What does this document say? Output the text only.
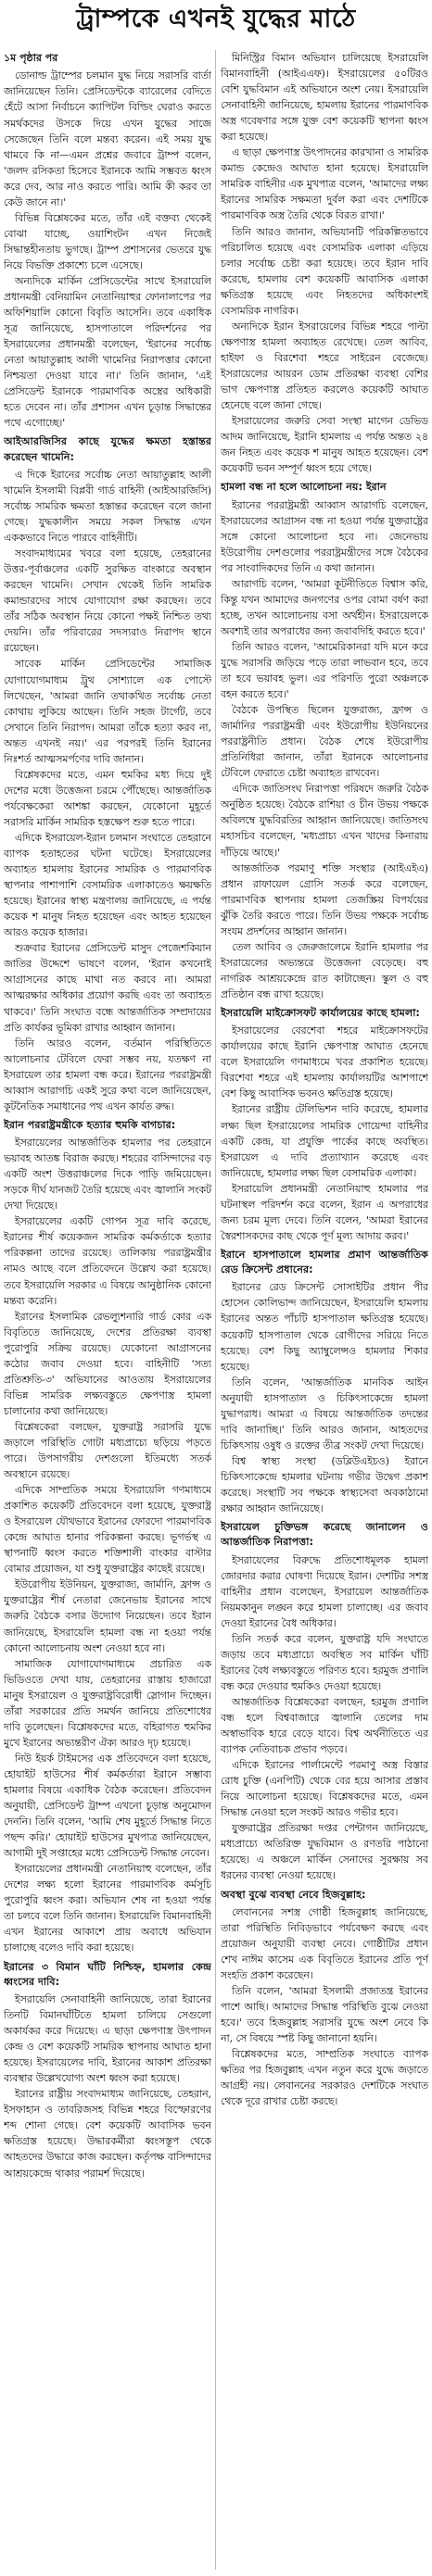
ট্রাম্পকে এখনই যুদ্ধের মাঠে
১ম পৃষ্ঠার পর

ডোনাল্ড ট্রাম্পের চলমান যুদ্ধ নিয়ে সরাসরি বার্তা জানিয়েছেন তিনি। প্রেসিডেন্টকে ব্যারেলের বেদিতে হেঁটে আসা নির্বাচনে ক্যাপিটল বিল্ডিং ঘেরাও করতে সমর্থকদের উসকে দিয়ে এখন যুদ্ধের সাজে সেজেছেন তিনি বলে মন্তব্য করেন। এই সময় যুদ্ধ থামবে কি না—এমন প্রশ্নের জবাবে ট্রাম্প বলেন, 'জলদ রসিকতা হিসেবে ইরানকে আমি সম্ভবত ধ্বংস করে দেব, আর নাও করতে পারি। আমি কী করব তা কেউ জানে না।'

বিভিন্ন বিশ্লেষকের মতে, তাঁর এই বক্তব্য থেকেই বোঝা যাচ্ছে, ওয়াশিংটন এখন নিজেই সিদ্ধান্তহীনতায় ভুগছে। ট্রাম্প প্রশাসনের ভেতরে যুদ্ধ নিয়ে বিভক্তি প্রকাশ্যে চলে এসেছে।

অন্যদিকে মার্কিন প্রেসিডেন্টের সাথে ইসরায়েলি প্রধানমন্ত্রী বেনিয়ামিন নেতানিয়াহুর ফোনালাপের পর অফিশিয়ালি কোনো বিবৃতি আসেনি। তবে একাধিক সূত্র জানিয়েছে, হাসপাতালে পরিদর্শনের পর ইসরায়েলের প্রধানমন্ত্রী বলেছেন, 'ইরানের সর্বোচ্চ নেতা আয়াতুল্লাহ আলী খামেনির নিরাপত্তার কোনো নিশ্চয়তা দেওয়া যাবে না।' তিনি জানান, 'এই প্রেসিডেন্ট ইরানকে পারমাণবিক অস্ত্রের অধিকারী হতে দেবেন না। তাঁর প্রশাসন এখন চূড়ান্ত সিদ্ধান্তের পথে এগোচ্ছে।'

আইআরজিসির কাছে যুদ্ধের ক্ষমতা হস্তান্তর করেছেন খামেনি:

এ দিকে ইরানের সর্বোচ্চ নেতা আয়াতুল্লাহ আলী খামেনি ইসলামী বিপ্লবী গার্ড বাহিনী (আইআরজিসি) সর্বোচ্চ সামরিক ক্ষমতা হস্তান্তর করেছেন বলে জানা গেছে। যুদ্ধকালীন সময়ে সকল সিদ্ধান্ত এখন এককভাবে নিতে পারবে বাহিনীটি।

সংবাদমাধ্যমের খবরে বলা হয়েছে, তেহরানের উত্তর-পূর্বাঞ্চলের একটি সুরক্ষিত বাংকারে অবস্থান করছেন খামেনি। সেখান থেকেই তিনি সামরিক কমান্ডারদের সাথে যোগাযোগ রক্ষা করছেন। তবে তাঁর সঠিক অবস্থান নিয়ে কোনো পক্ষই নিশ্চিত তথ্য দেয়নি। তাঁর পরিবারের সদস্যরাও নিরাপদ স্থানে রয়েছেন।

সাবেক মার্কিন প্রেসিডেন্টের সামাজিক যোগাযোগমাধ্যম ট্রুথ সোশ্যালে এক পোস্টে লিখেছেন, 'আমরা জানি তথাকথিত সর্বোচ্চ নেতা কোথায় লুকিয়ে আছেন। তিনি সহজ টার্গেট, তবে সেখানে তিনি নিরাপদ। আমরা তাঁকে হত্যা করব না, অন্তত এখনই নয়।' এর পরপরই তিনি ইরানের নিঃশর্ত আত্মসমর্পণের দাবি জানান।

বিশ্লেষকদের মতে, এমন হুমকির মধ্য দিয়ে দুই দেশের মধ্যে উত্তেজনা চরমে পৌঁছেছে। আন্তর্জাতিক পর্যবেক্ষকেরা আশঙ্কা করছেন, যেকোনো মুহূর্তে সরাসরি মার্কিন সামরিক হস্তক্ষেপ শুরু হতে পারে।

এদিকে ইসরায়েল-ইরান চলমান সংঘাতে তেহরানে ব্যাপক হতাহতের ঘটনা ঘটেছে। ইসরায়েলের অব্যাহত হামলায় ইরানের সামরিক ও পারমাণবিক স্থাপনার পাশাপাশি বেসামরিক এলাকাতেও ক্ষয়ক্ষতি হয়েছে। ইরানের স্বাস্থ্য মন্ত্রণালয় জানিয়েছে, এ পর্যন্ত কয়েক শ মানুষ নিহত হয়েছেন এবং আহত হয়েছেন আরও কয়েক হাজার।

শুক্রবার ইরানের প্রেসিডেন্ট মাসুদ পেজেশকিয়ান জাতির উদ্দেশে ভাষণে বলেন, 'ইরান কখনোই আগ্রাসনের কাছে মাথা নত করবে না। আমরা আত্মরক্ষার অধিকার প্রয়োগ করছি এবং তা অব্যাহত থাকবে।' তিনি সংঘাত বন্ধে আন্তর্জাতিক সম্প্রদায়ের প্রতি কার্যকর ভূমিকা রাখার আহ্বান জানান।

তিনি আরও বলেন, বর্তমান পরিস্থিতিতে আলোচনার টেবিলে ফেরা সম্ভব নয়, যতক্ষণ না ইসরায়েল তার হামলা বন্ধ করে। ইরানের পররাষ্ট্রমন্ত্রী আব্বাস আরাগচি একই সুরে কথা বলে জানিয়েছেন, কূটনৈতিক সমাধানের পথ এখন কার্যত রুদ্ধ।

ইরান পররাষ্ট্রমন্ত্রীকে হত্যার হুমকি বাগচার:

ইসরায়েলের আন্তর্জাতিক হামলার পর তেহরানে ভয়াবহ আতঙ্ক বিরাজ করছে। শহরের বাসিন্দাদের বড় একটি অংশ উত্তরাঞ্চলের দিকে পাড়ি জমিয়েছেন। সড়কে দীর্ঘ যানজট তৈরি হয়েছে এবং জ্বালানি সংকট দেখা দিয়েছে।

ইসরায়েলের একটি গোপন সূত্র দাবি করেছে, ইরানের শীর্ষ কয়েকজন সামরিক কর্মকর্তাকে হত্যার পরিকল্পনা তাদের রয়েছে। তালিকায় পররাষ্ট্রমন্ত্রীর নামও আছে বলে প্রতিবেদনে উল্লেখ করা হয়েছে। তবে ইসরায়েলি সরকার এ বিষয়ে আনুষ্ঠানিক কোনো মন্তব্য করেনি।

ইরানের ইসলামিক রেভল্যুশনারি গার্ড কোর এক বিবৃতিতে জানিয়েছে, দেশের প্রতিরক্ষা ব্যবস্থা পুরোপুরি সক্রিয় রয়েছে। যেকোনো আগ্রাসনের কঠোর জবাব দেওয়া হবে। বাহিনীটি 'সত্য প্রতিশ্রুতি-৩' অভিযানের আওতায় ইসরায়েলের বিভিন্ন সামরিক লক্ষ্যবস্তুতে ক্ষেপণাস্ত্র হামলা চালানোর কথা জানিয়েছে।

বিশ্লেষকেরা বলছেন, যুক্তরাষ্ট্র সরাসরি যুদ্ধে জড়ালে পরিস্থিতি গোটা মধ্যপ্রাচ্যে ছড়িয়ে পড়তে পারে। উপসাগরীয় দেশগুলো ইতিমধ্যে সতর্ক অবস্থানে রয়েছে।

এদিকে সাম্প্রতিক সময়ে ইসরায়েলি গণমাধ্যমে প্রকাশিত কয়েকটি প্রতিবেদনে বলা হয়েছে, যুক্তরাষ্ট্র ও ইসরায়েল যৌথভাবে ইরানের ফোরদো পারমাণবিক কেন্দ্রে আঘাত হানার পরিকল্পনা করছে। ভূগর্ভস্থ এ স্থাপনাটি ধ্বংস করতে শক্তিশালী বাংকার বাস্টার বোমার প্রয়োজন, যা শুধু যুক্তরাষ্ট্রের কাছেই রয়েছে।

ইউরোপীয় ইউনিয়ন, যুক্তরাজ্য, জার্মানি, ফ্রান্স ও যুক্তরাষ্ট্রের শীর্ষ নেতারা জেনেভায় ইরানের সাথে জরুরি বৈঠকে বসার উদ্যোগ নিয়েছেন। তবে ইরান জানিয়েছে, ইসরায়েলি হামলা বন্ধ না হওয়া পর্যন্ত কোনো আলোচনায় অংশ নেওয়া হবে না।

সামাজিক যোগাযোগমাধ্যমে প্রচারিত এক ভিডিওতে দেখা যায়, তেহরানের রাস্তায় হাজারো মানুষ ইসরায়েল ও যুক্তরাষ্ট্রবিরোধী স্লোগান দিচ্ছেন। তাঁরা সরকারের প্রতি সমর্থন জানিয়ে প্রতিশোধের দাবি তুলেছেন। বিশ্লেষকদের মতে, বহিরাগত হুমকির মুখে ইরানের অভ্যন্তরীণ ঐক্য আরও দৃঢ় হয়েছে।

নিউ ইয়র্ক টাইমসের এক প্রতিবেদনে বলা হয়েছে, হোয়াইট হাউসের শীর্ষ কর্মকর্তারা ইরানে সম্ভাব্য হামলার বিষয়ে একাধিক বৈঠক করেছেন। প্রতিবেদন অনুযায়ী, প্রেসিডেন্ট ট্রাম্প এখনো চূড়ান্ত অনুমোদন দেননি। তিনি বলেন, 'আমি শেষ মুহূর্তে সিদ্ধান্ত নিতে পছন্দ করি।' হোয়াইট হাউসের মুখপাত্র জানিয়েছেন, আগামী দুই সপ্তাহের মধ্যে প্রেসিডেন্ট সিদ্ধান্ত নেবেন।

ইসরায়েলের প্রধানমন্ত্রী নেতানিয়াহু বলেছেন, তাঁর দেশের লক্ষ্য হলো ইরানের পারমাণবিক কর্মসূচি পুরোপুরি ধ্বংস করা। অভিযান শেষ না হওয়া পর্যন্ত তা চলবে বলে তিনি জানান। ইসরায়েলি বিমানবাহিনী এখন ইরানের আকাশে প্রায় অবাধে অভিযান চালাচ্ছে বলেও দাবি করা হয়েছে।

ইরানের ৩ বিমান ঘাঁটি নিশ্চিহ্ন, হামলার কেন্দ্র ধ্বংসের দাবি:

ইসরায়েলি সেনাবাহিনী জানিয়েছে, তারা ইরানের তিনটি বিমানঘাঁটিতে হামলা চালিয়ে সেগুলো অকার্যকর করে দিয়েছে। এ ছাড়া ক্ষেপণাস্ত্র উৎপাদন কেন্দ্র ও বেশ কয়েকটি সামরিক স্থাপনায় আঘাত হানা হয়েছে। ইসরায়েলের দাবি, ইরানের আকাশ প্রতিরক্ষা ব্যবস্থার উল্লেখযোগ্য অংশ ধ্বংস করা হয়েছে।

ইরানের রাষ্ট্রীয় সংবাদমাধ্যম জানিয়েছে, তেহরান, ইসফাহান ও তাবরিজসহ বিভিন্ন শহরে বিস্ফোরণের শব্দ শোনা গেছে। বেশ কয়েকটি আবাসিক ভবন ক্ষতিগ্রস্ত হয়েছে। উদ্ধারকর্মীরা ধ্বংসস্তূপ থেকে আহতদের উদ্ধারে কাজ করছেন। কর্তৃপক্ষ বাসিন্দাদের আশ্রয়কেন্দ্রে থাকার পরামর্শ দিয়েছে।

মিনিস্ট্রির বিমান অভিযান চালিয়েছে ইসরায়েলি বিমানবাহিনী (আইএএফ)। ইসরায়েলের ৫০টিরও বেশি যুদ্ধবিমান এই অভিযানে অংশ নেয়। ইসরায়েলি সেনাবাহিনী জানিয়েছে, হামলায় ইরানের পারমাণবিক অস্ত্র গবেষণার সঙ্গে যুক্ত বেশ কয়েকটি স্থাপনা ধ্বংস করা হয়েছে।

এ ছাড়া ক্ষেপণাস্ত্র উৎপাদনের কারখানা ও সামরিক কমান্ড কেন্দ্রেও আঘাত হানা হয়েছে। ইসরায়েলি সামরিক বাহিনীর এক মুখপাত্র বলেন, 'আমাদের লক্ষ্য ইরানের সামরিক সক্ষমতা দুর্বল করা এবং দেশটিকে পারমাণবিক অস্ত্র তৈরি থেকে বিরত রাখা।'

তিনি আরও জানান, অভিযানটি পরিকল্পিতভাবে পরিচালিত হয়েছে এবং বেসামরিক এলাকা এড়িয়ে চলার সর্বোচ্চ চেষ্টা করা হয়েছে। তবে ইরান দাবি করেছে, হামলায় বেশ কয়েকটি আবাসিক এলাকা ক্ষতিগ্রস্ত হয়েছে এবং নিহতদের অধিকাংশই বেসামরিক নাগরিক।

অন্যদিকে ইরান ইসরায়েলের বিভিন্ন শহরে পাল্টা ক্ষেপণাস্ত্র হামলা অব্যাহত রেখেছে। তেল আবিব, হাইফা ও বিরশেবা শহরে সাইরেন বেজেছে। ইসরায়েলের আয়রন ডোম প্রতিরক্ষা ব্যবস্থা বেশির ভাগ ক্ষেপণাস্ত্র প্রতিহত করলেও কয়েকটি আঘাত হেনেছে বলে জানা গেছে।

ইসরায়েলের জরুরি সেবা সংস্থা মাগেন ডেভিড আদম জানিয়েছে, ইরানি হামলায় এ পর্যন্ত অন্তত ২৪ জন নিহত এবং কয়েক শ মানুষ আহত হয়েছেন। বেশ কয়েকটি ভবন সম্পূর্ণ ধ্বংস হয়ে গেছে।

হামলা বন্ধ না হলে আলোচনা নয়: ইরান

ইরানের পররাষ্ট্রমন্ত্রী আব্বাস আরাগচি বলেছেন, ইসরায়েলের আগ্রাসন বন্ধ না হওয়া পর্যন্ত যুক্তরাষ্ট্রের সঙ্গে কোনো আলোচনা হবে না। জেনেভায় ইউরোপীয় দেশগুলোর পররাষ্ট্রমন্ত্রীদের সঙ্গে বৈঠকের পর সাংবাদিকদের তিনি এ কথা জানান।

আরাগচি বলেন, 'আমরা কূটনীতিতে বিশ্বাস করি, কিন্তু যখন আমাদের জনগণের ওপর বোমা বর্ষণ করা হচ্ছে, তখন আলোচনায় বসা অর্থহীন। ইসরায়েলকে অবশ্যই তার অপরাধের জন্য জবাবদিহি করতে হবে।'

তিনি আরও বলেন, 'আমেরিকানরা যদি মনে করে যুদ্ধে সরাসরি জড়িয়ে পড়ে তারা লাভবান হবে, তবে তা হবে ভয়াবহ ভুল। এর পরিণতি পুরো অঞ্চলকে বহন করতে হবে।'

বৈঠকে উপস্থিত ছিলেন যুক্তরাজ্য, ফ্রান্স ও জার্মানির পররাষ্ট্রমন্ত্রী এবং ইউরোপীয় ইউনিয়নের পররাষ্ট্রনীতি প্রধান। বৈঠক শেষে ইউরোপীয় প্রতিনিধিরা জানান, তাঁরা ইরানকে আলোচনার টেবিলে ফেরাতে চেষ্টা অব্যাহত রাখবেন।

এদিকে জাতিসংঘ নিরাপত্তা পরিষদে জরুরি বৈঠক অনুষ্ঠিত হয়েছে। বৈঠকে রাশিয়া ও চীন উভয় পক্ষকে অবিলম্বে যুদ্ধবিরতির আহ্বান জানিয়েছে। জাতিসংঘ মহাসচিব বলেছেন, 'মধ্যপ্রাচ্য এখন খাদের কিনারায় দাঁড়িয়ে আছে।'

আন্তর্জাতিক পরমাণু শক্তি সংস্থার (আইএইএ) প্রধান রাফায়েল গ্রোসি সতর্ক করে বলেছেন, পারমাণবিক স্থাপনায় হামলা তেজস্ক্রিয় বিপর্যয়ের ঝুঁকি তৈরি করতে পারে। তিনি উভয় পক্ষকে সর্বোচ্চ সংযম প্রদর্শনের আহ্বান জানান।

তেল আবিব ও জেরুজালেমে ইরানি হামলার পর ইসরায়েলের অভ্যন্তরে উত্তেজনা বেড়েছে। বহু নাগরিক আশ্রয়কেন্দ্রে রাত কাটাচ্ছেন। স্কুল ও বহু প্রতিষ্ঠান বন্ধ রাখা হয়েছে।

ইসরায়েলি মাইক্রোসফট কার্যালয়ের কাছে হামলা:

ইসরায়েলের বেরশেবা শহরে মাইক্রোসফটের কার্যালয়ের কাছে ইরানি ক্ষেপণাস্ত্র আঘাত হেনেছে বলে ইসরায়েলি গণমাধ্যমে খবর প্রকাশিত হয়েছে। বিরশেবা শহরে এই হামলায় কার্যালয়টির আশপাশে বেশ কিছু আবাসিক ভবনও ক্ষতিগ্রস্ত হয়েছে।

ইরানের রাষ্ট্রীয় টেলিভিশন দাবি করেছে, হামলার লক্ষ্য ছিল ইসরায়েলের সামরিক গোয়েন্দা বাহিনীর একটি কেন্দ্র, যা প্রযুক্তি পার্কের কাছে অবস্থিত। ইসরায়েল এ দাবি প্রত্যাখ্যান করেছে এবং জানিয়েছে, হামলার লক্ষ্য ছিল বেসামরিক এলাকা।

ইসরায়েলি প্রধানমন্ত্রী নেতানিয়াহু হামলার পর ঘটনাস্থল পরিদর্শন করে বলেন, ইরান এ অপরাধের জন্য চরম মূল্য দেবে। তিনি বলেন, 'আমরা ইরানের স্বৈরশাসকদের কাছ থেকে পূর্ণ মূল্য আদায় করব।'

ইরানে হাসপাতালে হামলার প্রমাণ আন্তর্জাতিক রেড ক্রিসেন্ট প্রধানের:

ইরানের রেড ক্রিসেন্ট সোসাইটির প্রধান পীর হোসেন কোলিভান্দ জানিয়েছেন, ইসরায়েলি হামলায় ইরানের অন্তত পাঁচটি হাসপাতাল ক্ষতিগ্রস্ত হয়েছে। কয়েকটি হাসপাতাল থেকে রোগীদের সরিয়ে নিতে হয়েছে। বেশ কিছু অ্যাম্বুলেন্সও হামলার শিকার হয়েছে।

তিনি বলেন, 'আন্তর্জাতিক মানবিক আইন অনুযায়ী হাসপাতাল ও চিকিৎসাকেন্দ্রে হামলা যুদ্ধাপরাধ। আমরা এ বিষয়ে আন্তর্জাতিক তদন্তের দাবি জানাচ্ছি।' তিনি আরও জানান, আহতদের চিকিৎসায় ওষুধ ও রক্তের তীব্র সংকট দেখা দিয়েছে।

বিশ্ব স্বাস্থ্য সংস্থা (ডব্লিউএইচও) ইরানে চিকিৎসাকেন্দ্রে হামলার ঘটনায় গভীর উদ্বেগ প্রকাশ করেছে। সংস্থাটি সব পক্ষকে স্বাস্থ্যসেবা অবকাঠামো রক্ষার আহ্বান জানিয়েছে।

ইসরায়েল চুক্তিভঙ্গ করেছে জানালেন ও আন্তর্জাতিক নিরাপত্তা:

ইসরায়েলের বিরুদ্ধে প্রতিশোধমূলক হামলা জোরদার করার ঘোষণা দিয়েছে ইরান। দেশটির সশস্ত্র বাহিনীর প্রধান বলেছেন, ইসরায়েল আন্তর্জাতিক নিয়মকানুন লঙ্ঘন করে হামলা চালাচ্ছে। এর জবাব দেওয়া ইরানের বৈধ অধিকার।

তিনি সতর্ক করে বলেন, যুক্তরাষ্ট্র যদি সংঘাতে জড়ায় তবে মধ্যপ্রাচ্যে অবস্থিত সব মার্কিন ঘাঁটি ইরানের বৈধ লক্ষ্যবস্তুতে পরিণত হবে। হরমুজ প্রণালি বন্ধ করে দেওয়ার হুমকিও দেওয়া হয়েছে।

আন্তর্জাতিক বিশ্লেষকেরা বলছেন, হরমুজ প্রণালি বন্ধ হলে বিশ্ববাজারে জ্বালানি তেলের দাম অস্বাভাবিক হারে বেড়ে যাবে। বিশ্ব অর্থনীতিতে এর ব্যাপক নেতিবাচক প্রভাব পড়বে।

এদিকে ইরানের পার্লামেন্টে পরমাণু অস্ত্র বিস্তার রোধ চুক্তি (এনপিটি) থেকে বের হয়ে আসার প্রস্তাব নিয়ে আলোচনা হয়েছে। বিশ্লেষকদের মতে, এমন সিদ্ধান্ত নেওয়া হলে সংকট আরও গভীর হবে।

যুক্তরাষ্ট্রের প্রতিরক্ষা দপ্তর পেন্টাগন জানিয়েছে, মধ্যপ্রাচ্যে অতিরিক্ত যুদ্ধবিমান ও রণতরি পাঠানো হয়েছে। এ অঞ্চলে মার্কিন সেনাদের সুরক্ষায় সব ধরনের ব্যবস্থা নেওয়া হয়েছে।

অবস্থা বুঝে ব্যবস্থা নেবে হিজবুল্লাহ:

লেবাননের সশস্ত্র গোষ্ঠী হিজবুল্লাহ জানিয়েছে, তারা পরিস্থিতি নিবিড়ভাবে পর্যবেক্ষণ করছে এবং প্রয়োজন অনুযায়ী ব্যবস্থা নেবে। গোষ্ঠীটির প্রধান শেখ নাঈম কাসেম এক বিবৃতিতে ইরানের প্রতি পূর্ণ সংহতি প্রকাশ করেছেন।

তিনি বলেন, 'আমরা ইসলামী প্রজাতন্ত্র ইরানের পাশে আছি। আমাদের সিদ্ধান্ত পরিস্থিতি বুঝে নেওয়া হবে।' তবে হিজবুল্লাহ সরাসরি যুদ্ধে অংশ নেবে কি না, সে বিষয়ে স্পষ্ট কিছু জানানো হয়নি।

বিশ্লেষকদের মতে, সাম্প্রতিক সংঘাতে ব্যাপক ক্ষতির পর হিজবুল্লাহ এখন নতুন করে যুদ্ধে জড়াতে আগ্রহী নয়। লেবাননের সরকারও দেশটিকে সংঘাত থেকে দূরে রাখার চেষ্টা করছে।
